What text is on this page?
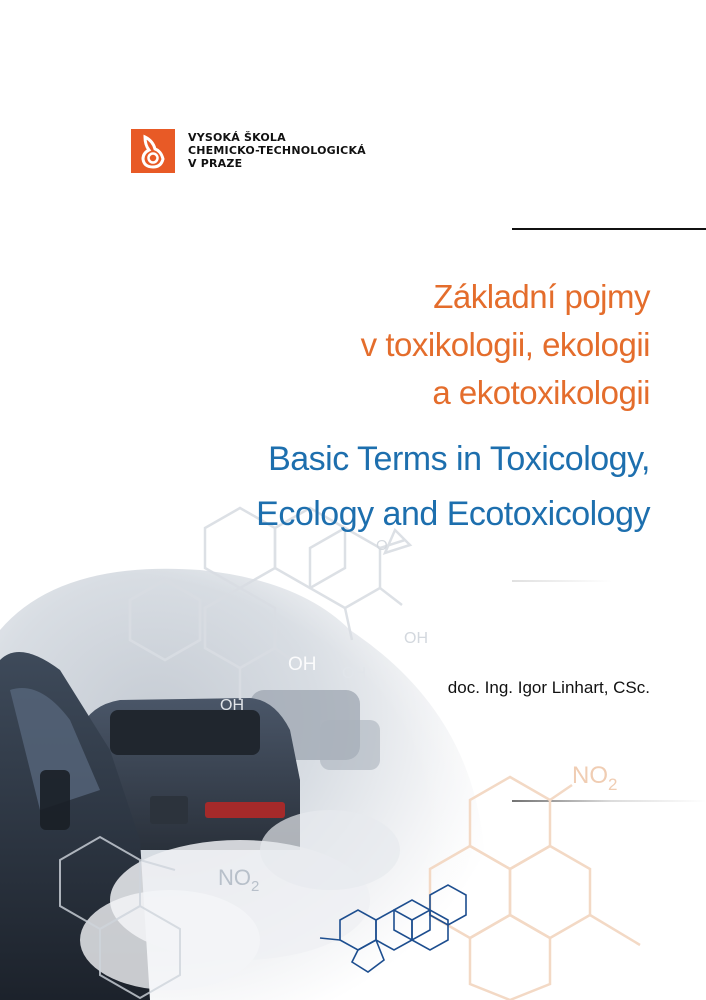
VYSOKÁ ŠKOLA
CHEMICKO-TECHNOLOGICKÁ
V PRAZE
OH
OH
OH
OH
O
$NO_2$
$NO_2$
Základní pojmy
v toxikologii, ekologii
a ekotoxikologii
Basic Terms in Toxicology,
Ecology and Ecotoxicology
doc. Ing. Igor Linhart, CSc.
